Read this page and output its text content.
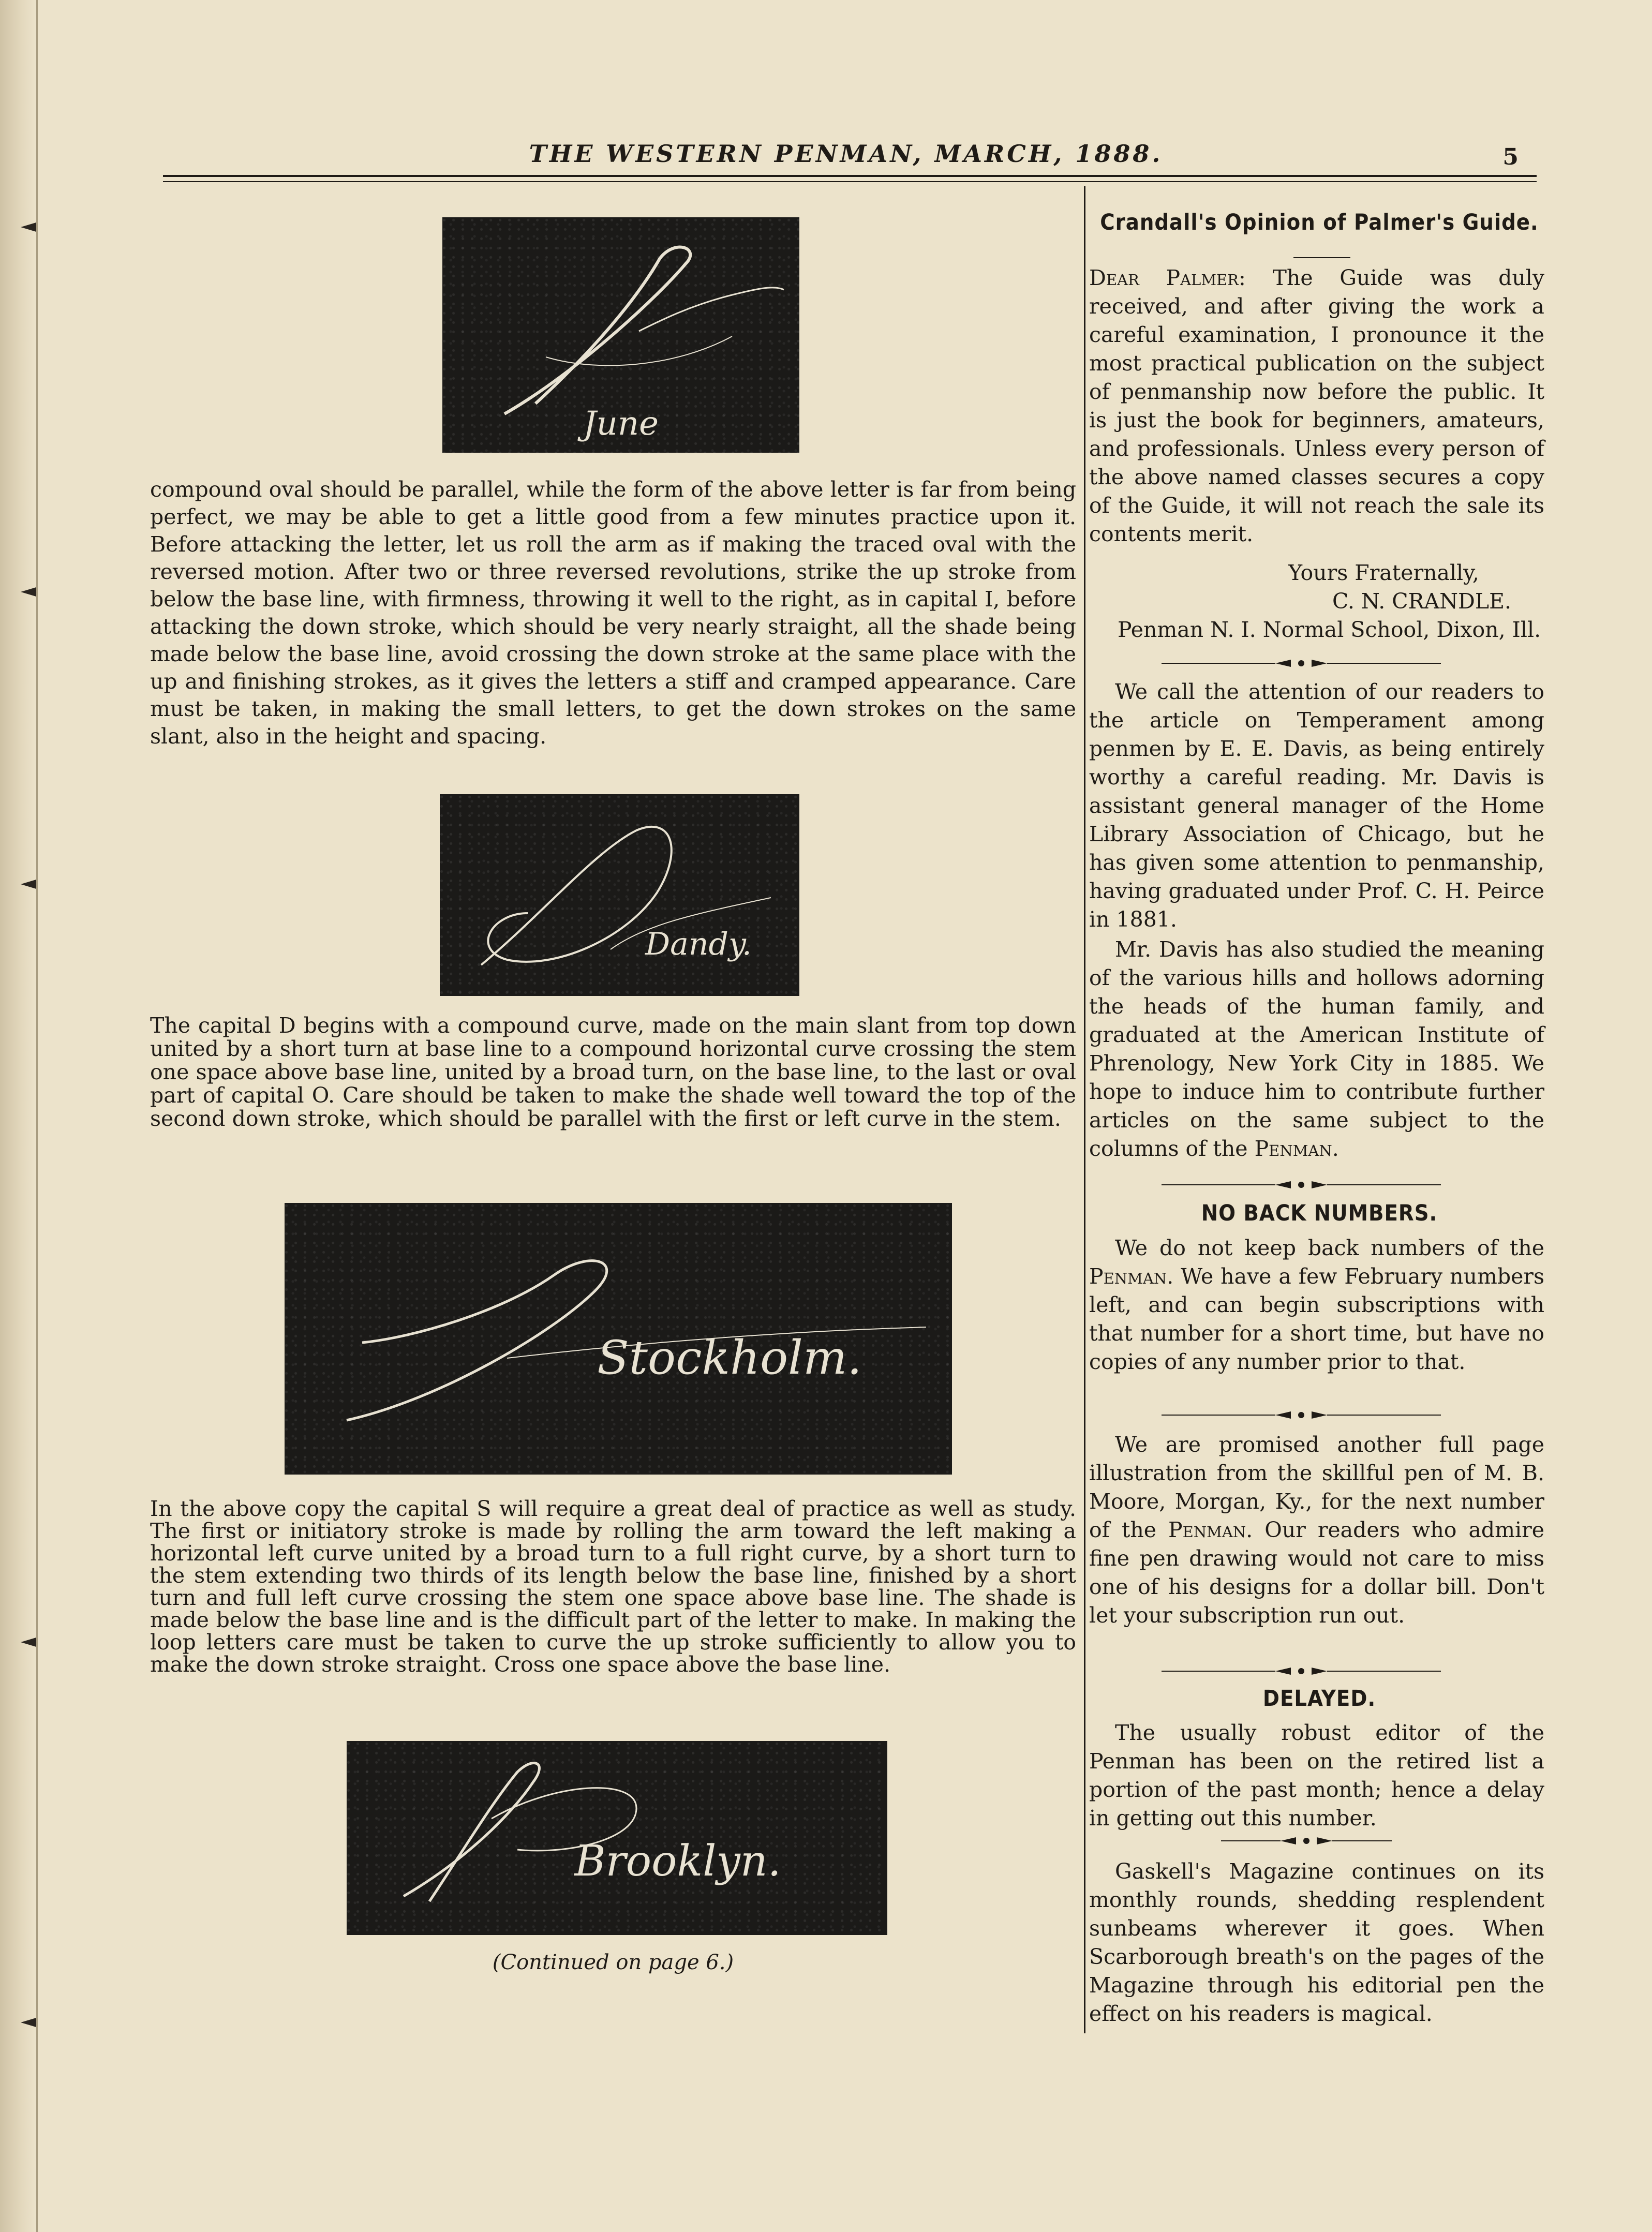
THE WESTERN PENMAN, MARCH, 1888.	5
June
compound oval should be parallel, while the form of the above letter is far from being perfect, we may be able to get a little good from a few minutes practice upon it. Before attacking the letter, let us roll the arm as if making the traced oval with the reversed motion. After two or three reversed revolutions, strike the up stroke from below the base line, with firmness, throwing it well to the right, as in capital I, before attacking the down stroke, which should be very nearly straight, all the shade being made below the base line, avoid crossing the down stroke at the same place with the up and finishing strokes, as it gives the letters a stiff and cramped appearance. Care must be taken, in making the small letters, to get the down strokes on the same slant, also in the height and spacing.
Dandy.
The capital D begins with a compound curve, made on the main slant from top down united by a short turn at base line to a compound horizontal curve crossing the stem one space above base line, united by a broad turn, on the base line, to the last or oval part of capital O. Care should be taken to make the shade well toward the top of the second down stroke, which should be parallel with the first or left curve in the stem.
Stockholm.
In the above copy the capital S will require a great deal of practice as well as study. The first or initiatory stroke is made by rolling the arm toward the left making a horizontal left curve united by a broad turn to a full right curve, by a short turn to the stem extending two thirds of its length below the base line, finished by a short turn and full left curve crossing the stem one space above base line. The shade is made below the base line and is the difficult part of the letter to make. In making the loop letters care must be taken to curve the up stroke sufficiently to allow you to make the down stroke straight. Cross one space above the base line.
Brooklyn.
(Continued on page 6.)
Crandall's Opinion of Palmer's Guide.
Dear Palmer: The Guide was duly received, and after giving the work a careful examination, I pronounce it the most practical publication on the subject of penmanship now before the public. It is just the book for beginners, amateurs, and professionals. Unless every person of the above named classes secures a copy of the Guide, it will not reach the sale its contents merit.
Yours Fraternally,
C. N. CRANDLE.
Penman N. I. Normal School, Dixon, Ill.
We call the attention of our readers to the article on Temperament among penmen by E. E. Davis, as being entirely worthy a careful reading. Mr. Davis is assistant general manager of the Home Library Association of Chicago, but he has given some attention to penmanship, having graduated under Prof. C. H. Peirce in 1881.
Mr. Davis has also studied the meaning of the various hills and hollows adorning the heads of the human family, and graduated at the American Institute of Phrenology, New York City in 1885. We hope to induce him to contribute further articles on the same subject to the columns of the Penman.
NO BACK NUMBERS.
We do not keep back numbers of the Penman. We have a few February numbers left, and can begin subscriptions with that number for a short time, but have no copies of any number prior to that.
We are promised another full page illustration from the skillful pen of M. B. Moore, Morgan, Ky., for the next number of the Penman. Our readers who admire fine pen drawing would not care to miss one of his designs for a dollar bill. Don't let your subscription run out.
DELAYED.
The usually robust editor of the Penman has been on the retired list a portion of the past month; hence a delay in getting out this number.
Gaskell's Magazine continues on its monthly rounds, shedding resplendent sunbeams wherever it goes. When Scarborough breath's on the pages of the Magazine through his editorial pen the effect on his readers is magical.
